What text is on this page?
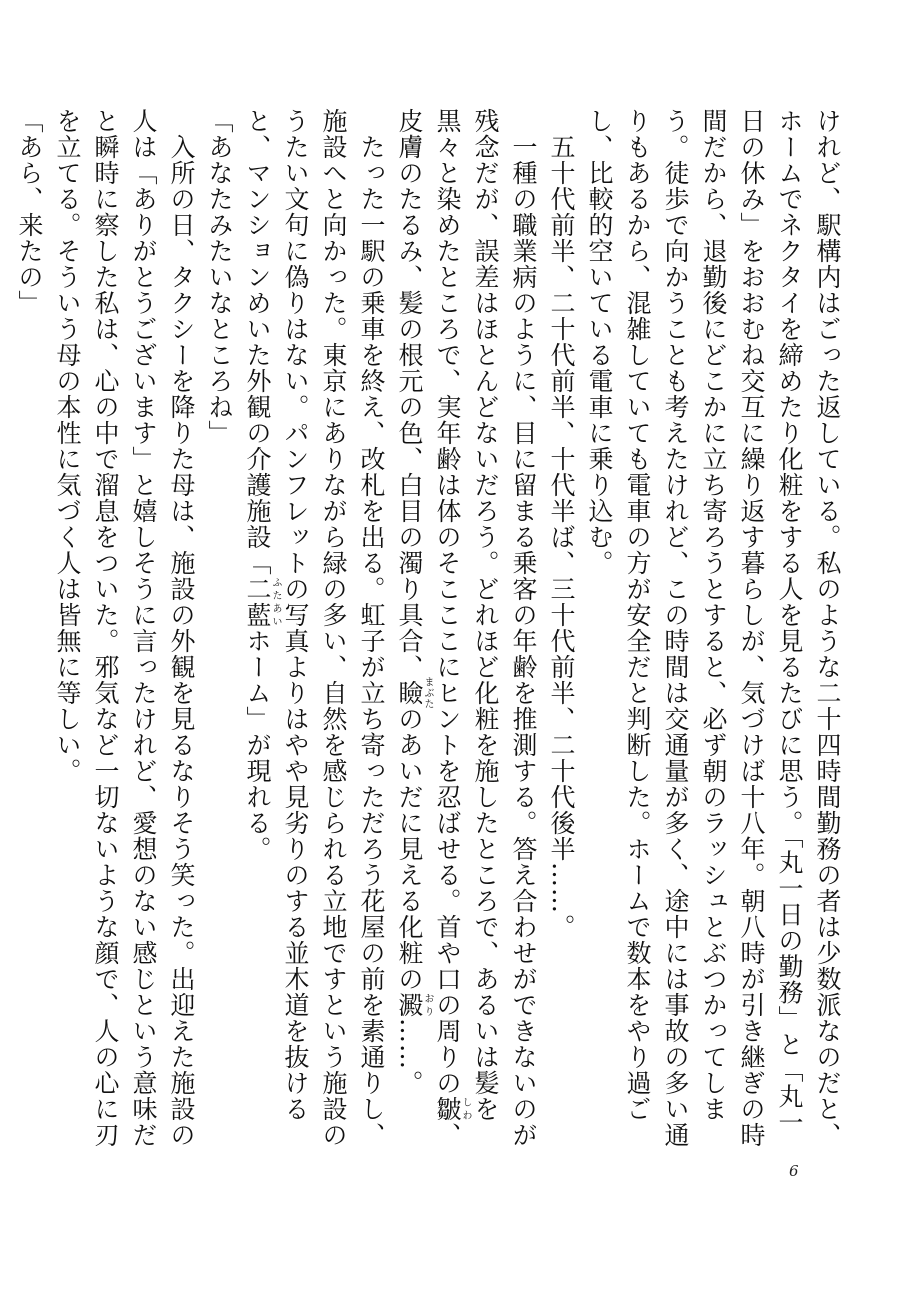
けれど、駅構内はごった返している。私のような二十四時間勤務の者は少数派なのだと、ホームでネクタイを締めたり化粧をする人を見るたびに思う。「丸一日の勤務」と「丸一日の休み」をおおむね交互に繰り返す暮らしが、気づけば十八年。朝八時が引き継ぎの時間だから、退勤後にどこかに立ち寄ろうとすると、必ず朝のラッシュとぶつかってしまう。徒歩で向かうことも考えたけれど、この時間は交通量が多く、途中には事故の多い通りもあるから、混雑していても電車の方が安全だと判断した。ホームで数本をやり過ごし、比較的空いている電車に乗り込む。

　五十代前半、二十代前半、十代半ば、三十代前半、二十代後半……。

　一種の職業病のように、目に留まる乗客の年齢を推測する。答え合わせができないのが残念だが、誤差はほとんどないだろう。どれほど化粧を施したところで、あるいは髪を黒々と染めたところで、実年齢は体のそこここにヒントを忍ばせる。首や口の周りの皺しわ、皮膚のたるみ、髪の根元の色、白目の濁り具合、瞼まぶたのあいだに見える化粧の澱おり……。

　たった一駅の乗車を終え、改札を出る。虹子が立ち寄っただろう花屋の前を素通りし、施設へと向かった。東京にありながら緑の多い、自然を感じられる立地ですという施設のうたい文句に偽りはない。パンフレットの写真よりはやや見劣りのする並木道を抜けると、マンションめいた外観の介護施設「二藍ふたあいホーム」が現れる。

「あなたみたいなところね」

　入所の日、タクシーを降りた母は、施設の外観を見るなりそう笑った。出迎えた施設の人は「ありがとうございます」と嬉しそうに言ったけれど、愛想のない感じという意味だと瞬時に察した私は、心の中で溜息をついた。邪気など一切ないような顔で、人の心に刃を立てる。そういう母の本性に気づく人は皆無に等しい。

「あら、来たの」

6
